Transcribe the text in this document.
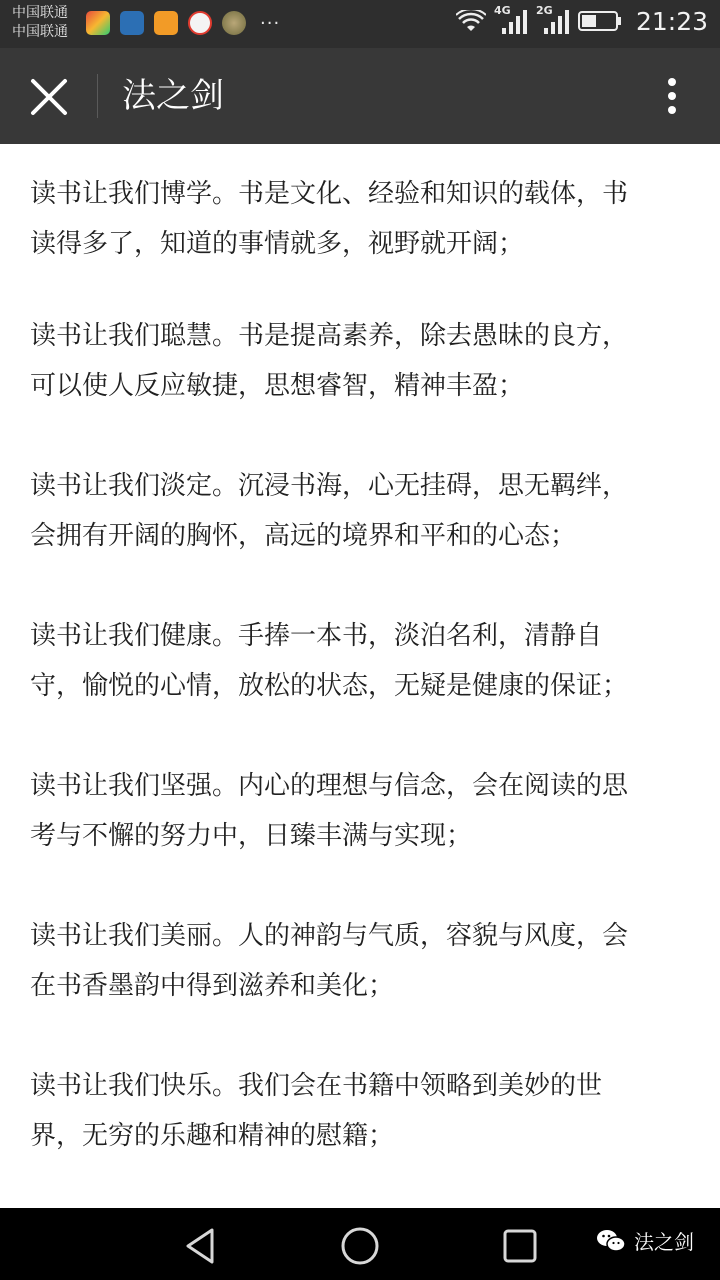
中国联通
中国联通	···
4G 2G	21:23
法之剑

读书让我们博学。书是文化、经验和知识的载体，书
读得多了，知道的事情就多，视野就开阔；

读书让我们聪慧。书是提高素养，除去愚昧的良方，
可以使人反应敏捷，思想睿智，精神丰盈；

读书让我们淡定。沉浸书海，心无挂碍，思无羁绊，
会拥有开阔的胸怀，高远的境界和平和的心态；

读书让我们健康。手捧一本书，淡泊名利，清静自
守，愉悦的心情，放松的状态，无疑是健康的保证；

读书让我们坚强。内心的理想与信念，会在阅读的思
考与不懈的努力中，日臻丰满与实现；

读书让我们美丽。人的神韵与气质，容貌与风度，会
在书香墨韵中得到滋养和美化；

读书让我们快乐。我们会在书籍中领略到美妙的世
界，无穷的乐趣和精神的慰籍；

法之剑
